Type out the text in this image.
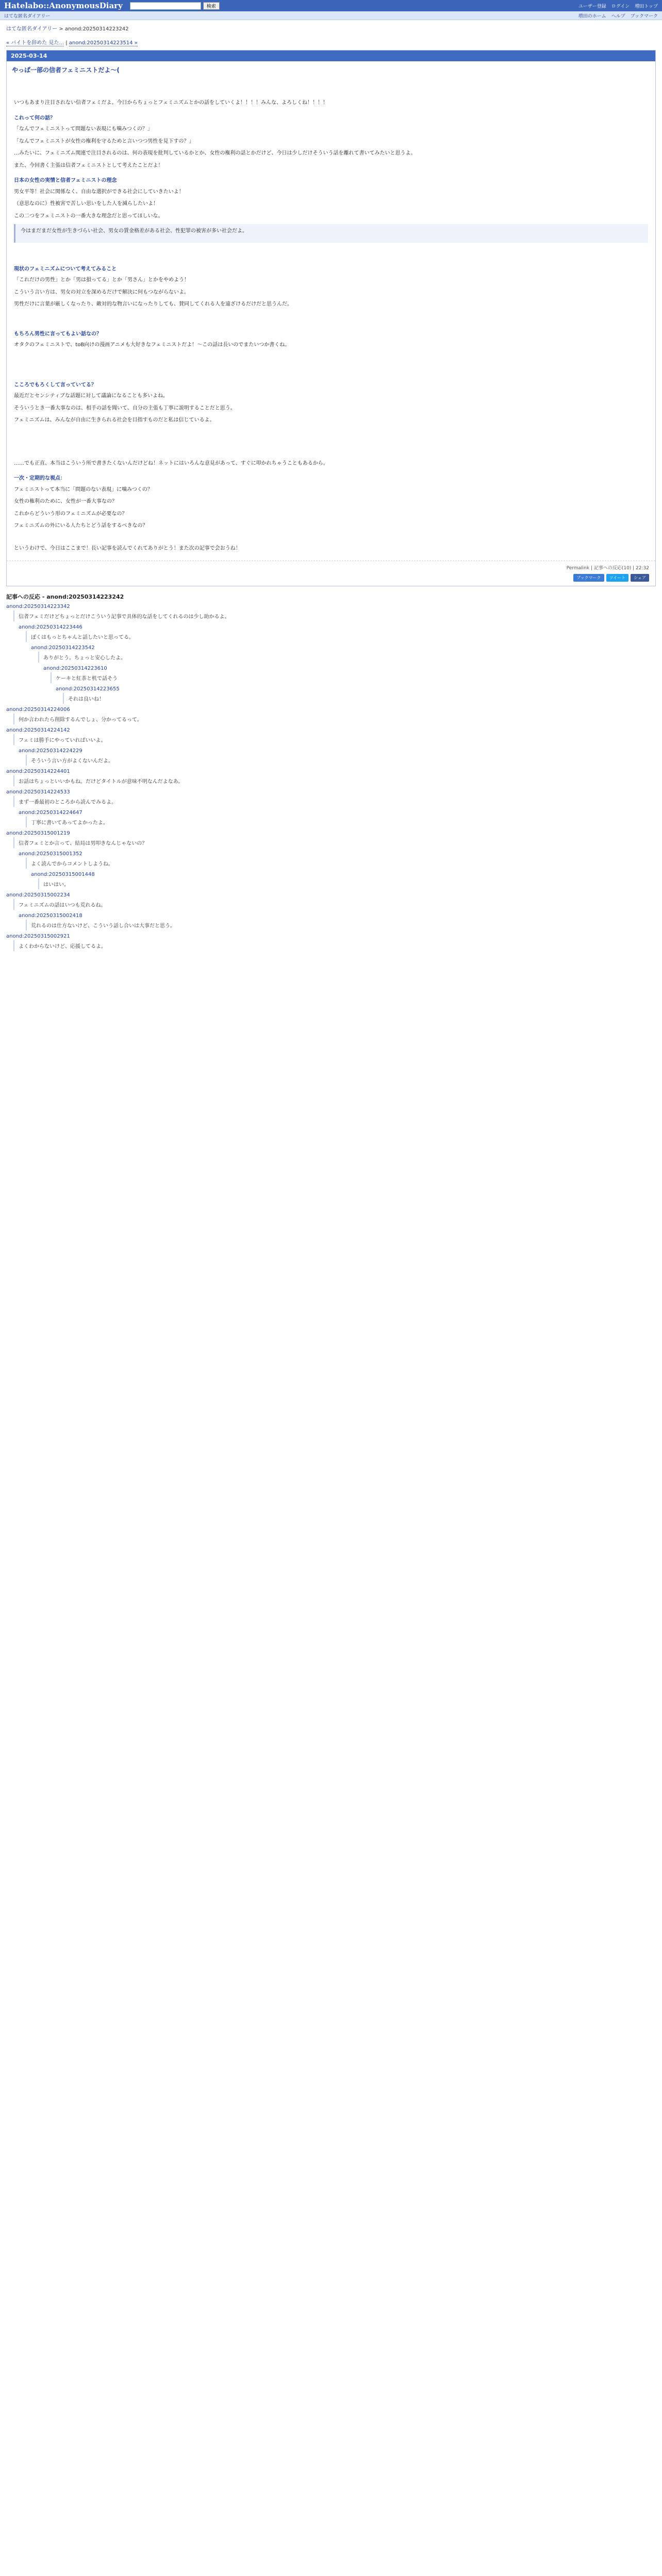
Hatelabo::AnonymousDiary	検索	ユーザー登録 ログイン 増田トップ
はてな匿名ダイアリー	増田のホーム ヘルプ ブックマーク
はてな匿名ダイアリー > anond:20250314223242
« バイトを辞めた 見た... | anond:20250314223514 »
2025-03-14
やっぱ一部の信者フェミニストだよ〜(

いつもあまり注目されない信者フェミだよ。今日からちょっとフェミニズムとかの話をしていくよ！！！！みんな、よろしくね！！！！

これって何の話？

「なんでフェミニストって問題ない表現にも噛みつくの？」

「なんでフェミニストが女性の権利を守るためと言いつつ男性を見下すの？」

…みたいに、フェミニズム関連で注目されるのは、何の表現を批判しているかとか、女性の権利の話とかだけど、今日は少しだけそういう話を離れて書いてみたいと思うよ。

また、今回書く主張は信者フェミニストとして考えたことだよ！

日本の女性の実情と信者フェミニストの理念

男女平等！社会に関係なく、自由な選択ができる社会にしていきたいよ！

（意思なのに）性被害で苦しい思いをした人を減らしたいよ！

この二つをフェミニストの一番大きな理念だと思ってほしいな。

今はまだまだ女性が生きづらい社会、男女の賃金格差がある社会、性犯罪の被害が多い社会だよ。

現状のフェミニズムについて考えてみること

「これだけの男性」とか「男は損ってる」とか「男さん」とかをやめよう！

こういう言い方は、男女の対立を深めるだけで解決に何もつながらないよ。

男性だけに言葉が厳しくなったり、敵対的な物言いになったりしても、賛同してくれる人を遠ざけるだけだと思うんだ。

もちろん男性に言ってもよい話なの？

オタクのフェミニストで、toB向けの漫画アニメも大好きなフェミニストだよ！〜この話は長いのでまたいつか書くね。

こころでもろくして言っていてる？

最近だとセンシティブな話題に対して議論になることも多いよね。

そういうとき一番大事なのは、相手の話を聞いて、自分の主張も丁寧に説明することだと思う。

フェミニズムは、みんなが自由に生きられる社会を目指すものだと私は信じているよ。

……でも正直、本当はこういう所で書きたくないんだけどね！ネットにはいろんな意見があって、すぐに叩かれちゃうこともあるから。

一次・定期的な視点：

フェミニストって本当に「問題のない表現」に噛みつくの？

女性の権利のために、女性が一番大事なの？

これからどういう形のフェミニズムが必要なの？

フェミニズムの外にいる人たちとどう話をするべきなの？

というわけで、今日はここまで！長い記事を読んでくれてありがとう！また次の記事で会おうね！

Permalink | 記事への反応(10) | 22:32
ブックマーク	ツイート	シェア
記事への反応 - anond:20250314223242
anond:20250314223342
信者フェミだけどちょっとだけこういう記事で具体的な話をしてくれるのは少し助かるよ。
anond:20250314223446
ぼくはもっとちゃんと話したいと思ってる。
anond:20250314223542
ありがとう。ちょっと安心したよ。
anond:20250314223610
ケーキと紅茶と机で話そう
anond:20250314223655
それは良いね！
anond:20250314224006
何か言われたら削除するんでしょ、分かってるって。
anond:20250314224142
フェミは勝手にやっていればいいよ。
anond:20250314224229
そういう言い方がよくないんだよ。
anond:20250314224401
お話はちょっといいかもね。だけどタイトルが意味不明なんだよなあ。
anond:20250314224533
まず一番最初のところから読んでみるよ。
anond:20250314224647
丁寧に書いてあってよかったよ。
anond:20250315001219
信者フェミとか言って、結局は男叩きなんじゃないの？
anond:20250315001352
よく読んでからコメントしようね。
anond:20250315001448
はいはい。
anond:20250315002234
フェミニズムの話はいつも荒れるね。
anond:20250315002418
荒れるのは仕方ないけど、こういう話し合いは大事だと思う。
anond:20250315002921
よくわからないけど、応援してるよ。
